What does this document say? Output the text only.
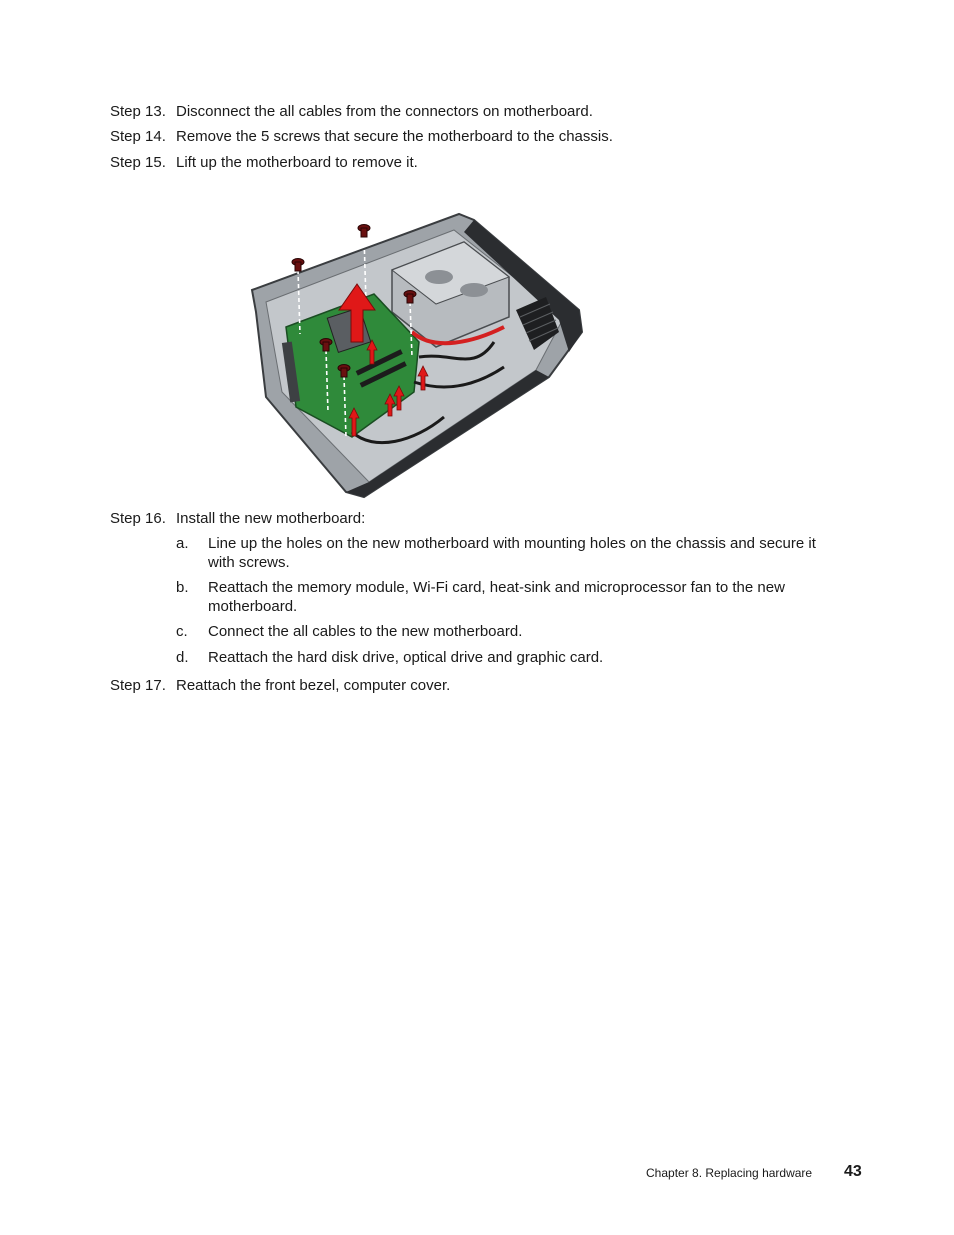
Step 13. Disconnect the all cables from the connectors on motherboard.
Step 14. Remove the 5 screws that secure the motherboard to the chassis.
Step 15. Lift up the motherboard to remove it.
Step 16. Install the new motherboard:
a. Line up the holes on the new motherboard with mounting holes on the chassis and secure it with screws.
b. Reattach the memory module, Wi-Fi card, heat-sink and microprocessor fan to the new motherboard.
c. Connect the all cables to the new motherboard.
d. Reattach the hard disk drive, optical drive and graphic card.
Step 17. Reattach the front bezel, computer cover.
Chapter 8. Replacing hardware 43
